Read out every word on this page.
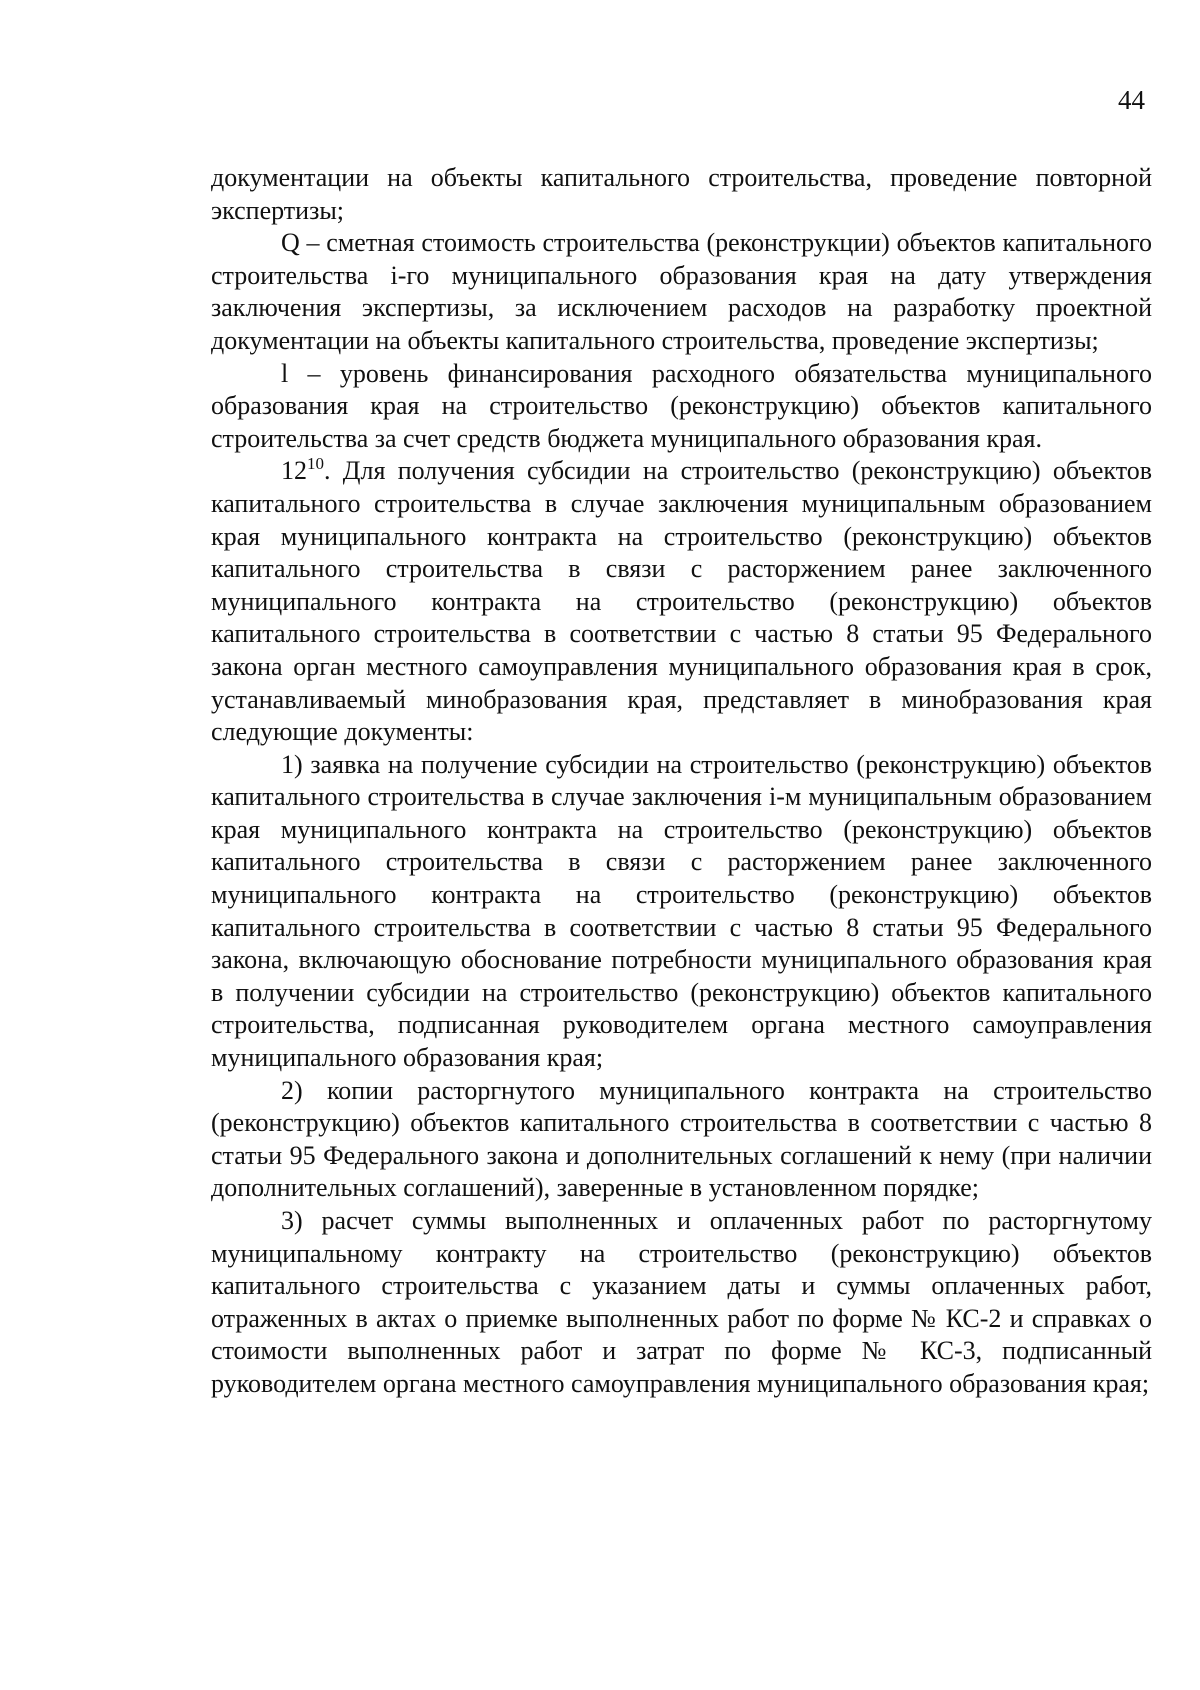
44

документации на объекты капитального строительства, проведение повторной экспертизы;

Q – сметная стоимость строительства (реконструкции) объектов капитального строительства i-го муниципального образования края на дату утверждения заключения экспертизы, за исключением расходов на разработку проектной документации на объекты капитального строительства, проведение экспертизы;

l – уровень финансирования расходного обязательства муниципального образования края на строительство (реконструкцию) объектов капитального строительства за счет средств бюджета муниципального образования края.

$12^{10}$. Для получения субсидии на строительство (реконструкцию) объектов капитального строительства в случае заключения муниципальным образованием края муниципального контракта на строительство (реконструкцию) объектов капитального строительства в связи с расторжением ранее заключенного муниципального контракта на строительство (реконструкцию) объектов капитального строительства в соответствии с частью 8 статьи 95 Федерального закона орган местного самоуправления муниципального образования края в срок, устанавливаемый минобразования края, представляет в минобразования края следующие документы:

1) заявка на получение субсидии на строительство (реконструкцию) объектов капитального строительства в случае заключения i-м муниципальным образованием края муниципального контракта на строительство (реконструкцию) объектов капитального строительства в связи с расторжением ранее заключенного муниципального контракта на строительство (реконструкцию) объектов капитального строительства в соответствии с частью 8 статьи 95 Федерального закона, включающую обоснование потребности муниципального образования края в получении субсидии на строительство (реконструкцию) объектов капитального строительства, подписанная руководителем органа местного самоуправления муниципального образования края;

2) копии расторгнутого муниципального контракта на строительство (реконструкцию) объектов капитального строительства в соответствии с частью 8 статьи 95 Федерального закона и дополнительных соглашений к нему (при наличии дополнительных соглашений), заверенные в установленном порядке;

3) расчет суммы выполненных и оплаченных работ по расторгнутому муниципальному контракту на строительство (реконструкцию) объектов капитального строительства с указанием даты и суммы оплаченных работ, отраженных в актах о приемке выполненных работ по форме № КС-2 и справках о стоимости выполненных работ и затрат по форме № КС-3, подписанный руководителем органа местного самоуправления муниципального образования края;
